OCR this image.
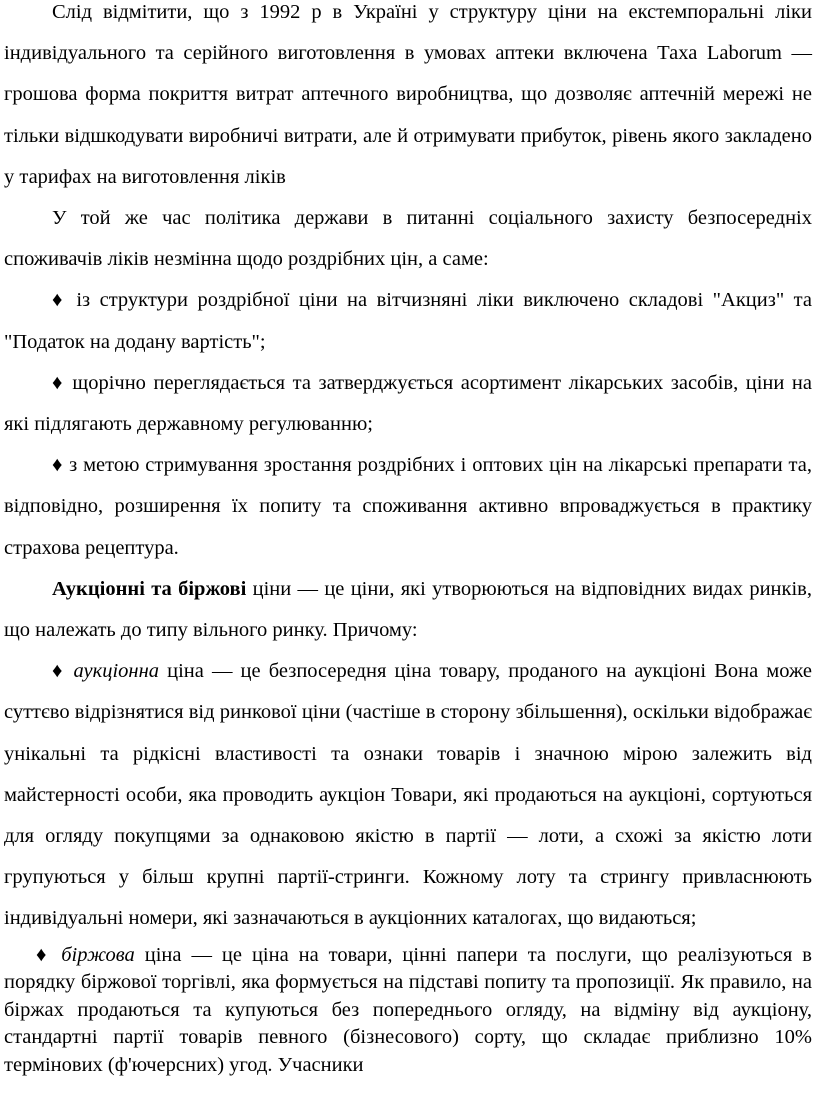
Слід відмітити, що з 1992 р в Україні у структуру ціни на екстемпоральні ліки індивідуального та серійного виготовлення в умовах аптеки включена Таха Laborum — грошова форма покриття витрат аптечного виробництва, що дозволяє аптечній мережі не тільки відшкодувати виробничі витрати, але й отримувати прибуток, рівень якого закладено у тарифах на виготовлення ліків

У той же час політика держави в питанні соціального захисту безпосередніх споживачів ліків незмінна щодо роздрібних цін, а саме:

♦ із структури роздрібної ціни на вітчизняні ліки виключено складові "Акциз" та "Податок на додану вартість";

♦ щорічно переглядається та затверджується асортимент лікарських засобів, ціни на які підлягають державному регулюванню;

♦ з метою стримування зростання роздрібних і оптових цін на лікарські препарати та, відповідно, розширення їх попиту та споживання активно впроваджується в практику страхова рецептура.

Аукціонні та біржові ціни — це ціни, які утворюються на відповідних видах ринків, що належать до типу вільного ринку. Причому:

♦ аукціонна ціна — це безпосередня ціна товару, проданого на аукціоні Вона може суттєво відрізнятися від ринкової ціни (частіше в сторону збільшення), оскільки відображає унікальні та рідкісні властивості та ознаки товарів і значною мірою залежить від майстерності особи, яка проводить аукціон Товари, які продаються на аукціоні, сортуються для огляду покупцями за однаковою якістю в партії — лоти, а схожі за якістю лоти групуються у більш крупні партії-стринги. Кожному лоту та стрингу привласнюють індивідуальні номери, які зазначаються в аукціонних каталогах, що видаються;

♦ біржова ціна — це ціна на товари, цінні папери та послуги, що реалізуються в порядку біржової торгівлі, яка формується на підставі попиту та пропозиції. Як правило, на біржах продаються та купуються без попереднього огляду, на відміну від аукціону, стандартні партії товарів певного (бізнесового) сорту, що складає приблизно 10% термінових (ф'ючерсних) угод. Учасники
